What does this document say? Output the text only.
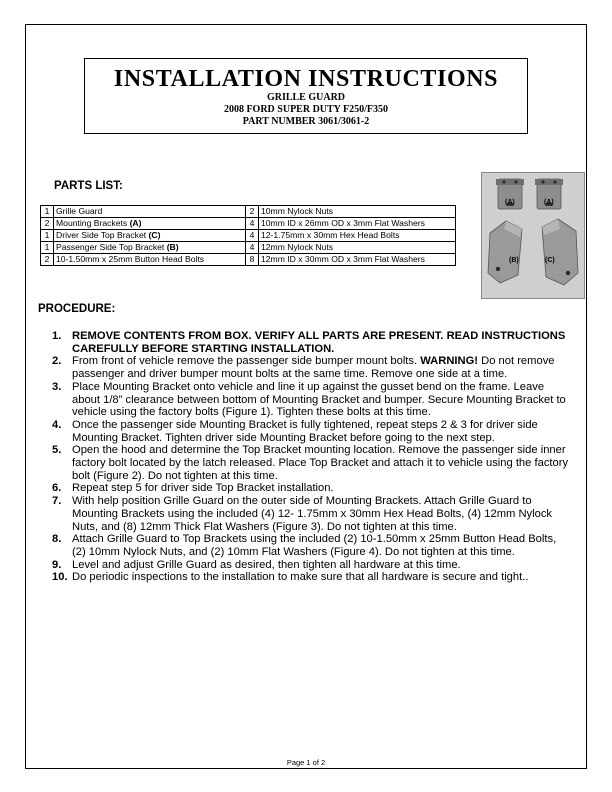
INSTALLATION INSTRUCTIONS
GRILLE GUARD
2008 FORD SUPER DUTY F250/F350
PART NUMBER 3061/3061-2
PARTS LIST:
1	Grille Guard	2	10mm Nylock Nuts
2	Mounting Brackets (A)	4	10mm ID x 26mm OD x 3mm Flat Washers
1	Driver Side Top Bracket (C)	4	12-1.75mm x 30mm Hex Head Bolts
1	Passenger Side Top Bracket (B)	4	12mm Nylock Nuts
2	10-1.50mm x 25mm Button Head Bolts	8	12mm ID x 30mm OD x 3mm Flat Washers
(A)	(A)
(B)	(C)
PROCEDURE:
1. REMOVE CONTENTS FROM BOX. VERIFY ALL PARTS ARE PRESENT. READ INSTRUCTIONS CAREFULLY BEFORE STARTING INSTALLATION.
2. From front of vehicle remove the passenger side bumper mount bolts. WARNING! Do not remove passenger and driver bumper mount bolts at the same time. Remove one side at a time.
3. Place Mounting Bracket onto vehicle and line it up against the gusset bend on the frame. Leave about 1/8” clearance between bottom of Mounting Bracket and bumper. Secure Mounting Bracket to vehicle using the factory bolts (Figure 1). Tighten these bolts at this time.
4. Once the passenger side Mounting Bracket is fully tightened, repeat steps 2 & 3 for driver side Mounting Bracket. Tighten driver side Mounting Bracket before going to the next step.
5. Open the hood and determine the Top Bracket mounting location. Remove the passenger side inner factory bolt located by the latch released. Place Top Bracket and attach it to vehicle using the factory bolt (Figure 2). Do not tighten at this time.
6. Repeat step 5 for driver side Top Bracket installation.
7. With help position Grille Guard on the outer side of Mounting Brackets. Attach Grille Guard to Mounting Brackets using the included (4) 12- 1.75mm x 30mm Hex Head Bolts, (4) 12mm Nylock Nuts, and (8) 12mm Thick Flat Washers (Figure 3). Do not tighten at this time.
8. Attach Grille Guard to Top Brackets using the included (2) 10-1.50mm x 25mm Button Head Bolts, (2) 10mm Nylock Nuts, and (2) 10mm Flat Washers (Figure 4). Do not tighten at this time.
9. Level and adjust Grille Guard as desired, then tighten all hardware at this time.
10. Do periodic inspections to the installation to make sure that all hardware is secure and tight..
Page 1 of 2
